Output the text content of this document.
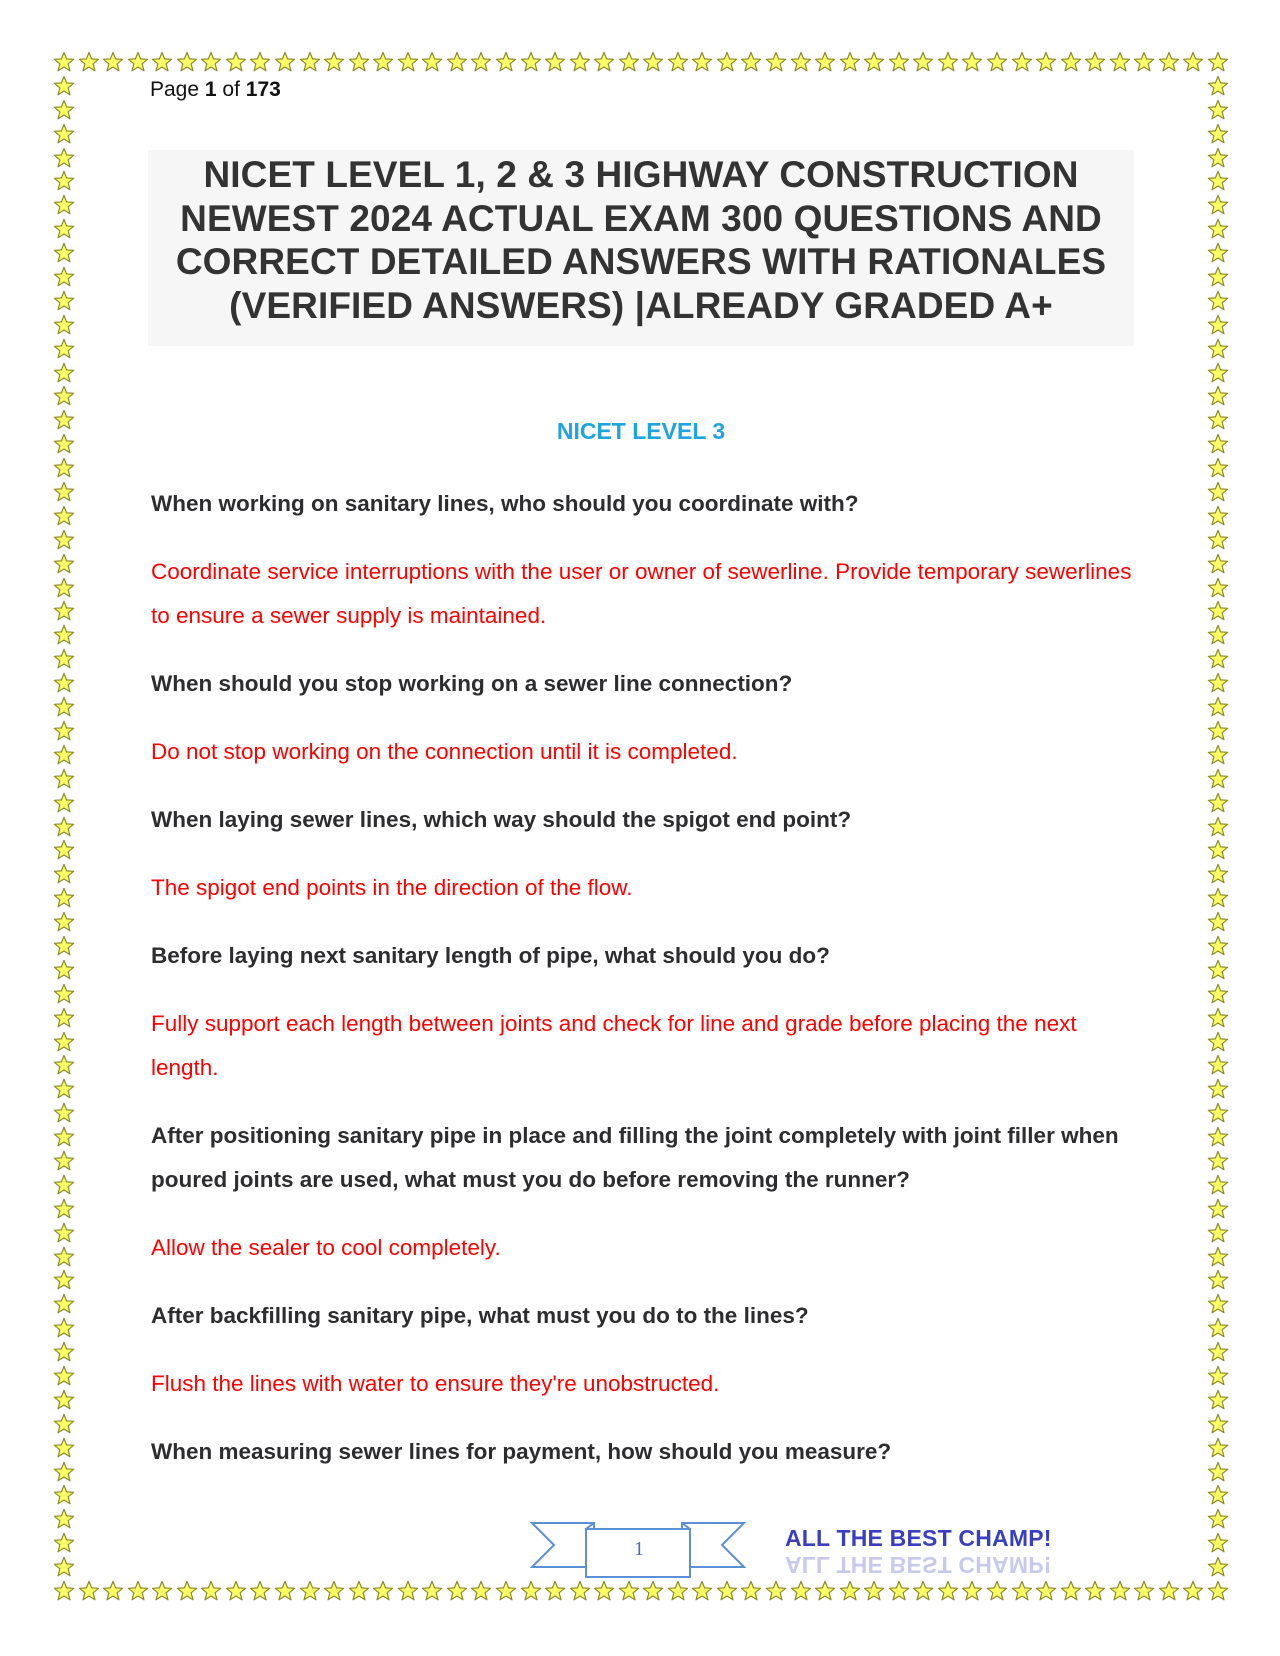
Page 1 of 173
NICET LEVEL 1, 2 & 3 HIGHWAY CONSTRUCTION
NEWEST 2024 ACTUAL EXAM 300 QUESTIONS AND
CORRECT DETAILED ANSWERS WITH RATIONALES
(VERIFIED ANSWERS) |ALREADY GRADED A+
NICET LEVEL 3

When working on sanitary lines, who should you coordinate with?

Coordinate service interruptions with the user or owner of sewerline. Provide temporary sewerlines to ensure a sewer supply is maintained.

When should you stop working on a sewer line connection?

Do not stop working on the connection until it is completed.

When laying sewer lines, which way should the spigot end point?

The spigot end points in the direction of the flow.

Before laying next sanitary length of pipe, what should you do?

Fully support each length between joints and check for line and grade before placing the next length.

After positioning sanitary pipe in place and filling the joint completely with joint filler when poured joints are used, what must you do before removing the runner?

Allow the sealer to cool completely.

After backfilling sanitary pipe, what must you do to the lines?

Flush the lines with water to ensure they're unobstructed.

When measuring sewer lines for payment, how should you measure?

1	ALL THE BEST CHAMP!
ALL THE BEST CHAMP!
